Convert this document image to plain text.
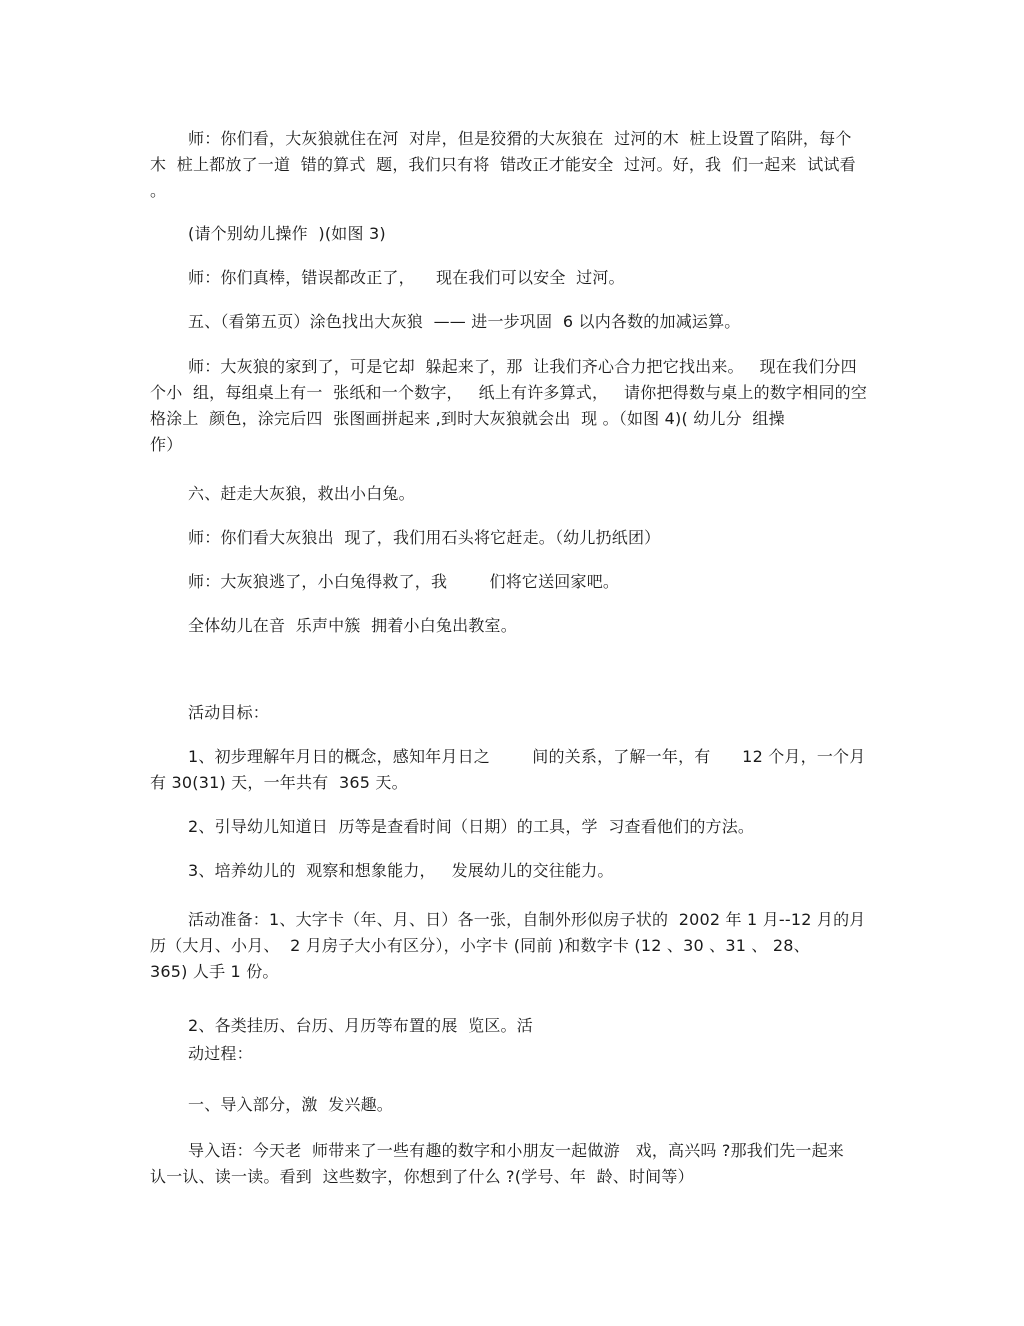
师：你们看，大灰狼就住在河  对岸，但是狡猾的大灰狼在  过河的木  桩上设置了陷阱，每个
木  桩上都放了一道  错的算式  题，我们只有将  错改正才能安全  过河。好，我  们一起来  试试看
。
(请个别幼儿操作  )(如图 3)
师：你们真棒，错误都改正了，    现在我们可以安全  过河。
五、（看第五页）涂色找出大灰狼  —— 进一步巩固  6 以内各数的加减运算。
师：大灰狼的家到了，可是它却  躲起来了，那  让我们齐心合力把它找出来。   现在我们分四
个小  组，每组桌上有一  张纸和一个数字，   纸上有许多算式，   请你把得数与桌上的数字相同的空
格涂上  颜色，涂完后四  张图画拼起来 ,到时大灰狼就会出  现 。（如图 4)( 幼儿分  组操
作）
六、赶走大灰狼，救出小白兔。
师：你们看大灰狼出  现了，我们用石头将它赶走。（幼儿扔纸团）
师：大灰狼逃了，小白兔得救了，我        们将它送回家吧。
全体幼儿在音  乐声中簇  拥着小白兔出教室。
活动目标：
1、初步理解年月日的概念，感知年月日之        间的关系，了解一年，有      12 个月，一个月
有 30(31) 天，一年共有  365 天。
2、引导幼儿知道日  历等是查看时间（日期）的工具，学  习查看他们的方法。
3、培养幼儿的  观察和想象能力，   发展幼儿的交往能力。
活动准备：1、大字卡（年、月、日）各一张，自制外形似房子状的  2002 年 1 月--12 月的月
历（大月、小月、  2 月房子大小有区分），小字卡 (同前 )和数字卡 (12 、30 、31 、 28、
365) 人手 1 份。
2、各类挂历、台历、月历等布置的展  览区。活
动过程：
一、导入部分，激  发兴趣。
导入语：今天老  师带来了一些有趣的数字和小朋友一起做游   戏，高兴吗 ?那我们先一起来
认一认、读一读。看到  这些数字，你想到了什么 ?(学号、年  龄、时间等）
